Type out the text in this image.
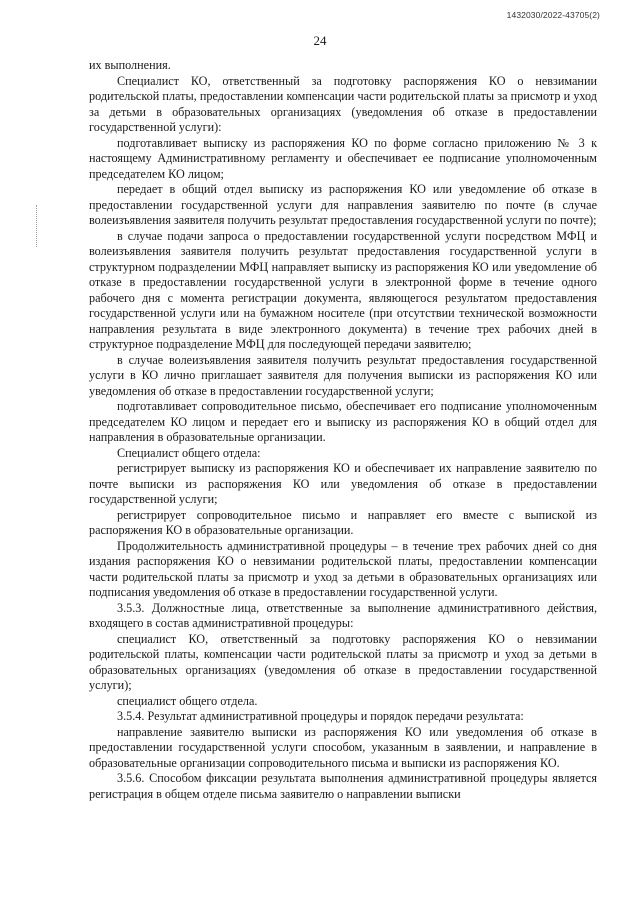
1432030/2022-43705(2)
24

их выполнения.

Специалист КО, ответственный за подготовку распоряжения КО о невзимании родительской платы, предоставлении компенсации части родительской платы за присмотр и уход за детьми в образовательных организациях (уведомления об отказе в предоставлении государственной услуги):

подготавливает выписку из распоряжения КО по форме согласно приложению № 3 к настоящему Административному регламенту и обеспечивает ее подписание уполномоченным председателем КО лицом;

передает в общий отдел выписку из распоряжения КО или уведомление об отказе в предоставлении государственной услуги для направления заявителю по почте (в случае волеизъявления заявителя получить результат предоставления государственной услуги по почте);

в случае подачи запроса о предоставлении государственной услуги посредством МФЦ и волеизъявления заявителя получить результат предоставления государственной услуги в структурном подразделении МФЦ направляет выписку из распоряжения КО или уведомление об отказе в предоставлении государственной услуги в электронной форме в течение одного рабочего дня с момента регистрации документа, являющегося результатом предоставления государственной услуги или на бумажном носителе (при отсутствии технической возможности направления результата в виде электронного документа) в течение трех рабочих дней в структурное подразделение МФЦ для последующей передачи заявителю;

в случае волеизъявления заявителя получить результат предоставления государственной услуги в КО лично приглашает заявителя для получения выписки из распоряжения КО или уведомления об отказе в предоставлении государственной услуги;

подготавливает сопроводительное письмо, обеспечивает его подписание уполномоченным председателем КО лицом и передает его и выписку из распоряжения КО в общий отдел для направления в образовательные организации.

Специалист общего отдела:

регистрирует выписку из распоряжения КО и обеспечивает их направление заявителю по почте выписки из распоряжения КО или уведомления об отказе в предоставлении государственной услуги;

регистрирует сопроводительное письмо и направляет его вместе с выпиской из распоряжения КО в образовательные организации.

Продолжительность административной процедуры – в течение трех рабочих дней со дня издания распоряжения КО о невзимании родительской платы, предоставлении компенсации части родительской платы за присмотр и уход за детьми в образовательных организациях или подписания уведомления об отказе в предоставлении государственной услуги.

3.5.3. Должностные лица, ответственные за выполнение административного действия, входящего в состав административной процедуры:

специалист КО, ответственный за подготовку распоряжения КО о невзимании родительской платы, компенсации части родительской платы за присмотр и уход за детьми в образовательных организациях (уведомления об отказе в предоставлении государственной услуги);

специалист общего отдела.

3.5.4. Результат административной процедуры и порядок передачи результата:

направление заявителю выписки из распоряжения КО или уведомления об отказе в предоставлении государственной услуги способом, указанным в заявлении, и направление в образовательные организации сопроводительного письма и выписки из распоряжения КО.

3.5.6. Способом фиксации результата выполнения административной процедуры является регистрация в общем отделе письма заявителю о направлении выписки
